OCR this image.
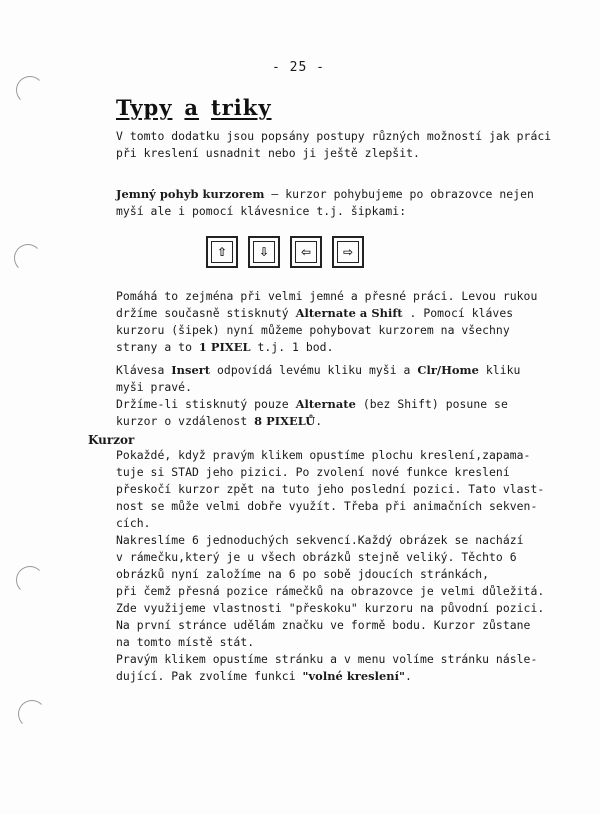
- 25 -
Typy a triky
V tomto dodatku jsou popsány postupy různých možností jak práci
při kreslení usnadnit nebo ji ještě zlepšit.
Jemný pohyb kurzorem — kurzor pohybujeme po obrazovce nejen
myší ale i pomocí klávesnice t.j. šipkami:
⇧	⇩	⇦	⇨
Pomáhá to zejména při velmi jemné a přesné práci. Levou rukou
držíme současně stisknutý Alternate a Shift . Pomocí kláves
kurzoru (šipek) nyní můžeme pohybovat kurzorem na všechny
strany a to 1 PIXEL t.j. 1 bod.
Klávesa Insert odpovídá levému kliku myši a Clr/Home kliku
myši pravé.
Držíme-li stisknutý pouze Alternate (bez Shift) posune se
kurzor o vzdálenost 8 PIXELŮ.
Kurzor
Pokaždé, když pravým klikem opustíme plochu kreslení,zapama-
tuje si STAD jeho pizici. Po zvolení nové funkce kreslení
přeskočí kurzor zpět na tuto jeho poslední pozici. Tato vlast-
nost se může velmi dobře využít. Třeba při animačních sekven-
cích.
Nakreslíme 6 jednoduchých sekvencí.Každý obrázek se nachází
v rámečku,který je u všech obrázků stejně veliký. Těchto 6
obrázků nyní založíme na 6 po sobě jdoucích stránkách,
při čemž přesná pozice rámečků na obrazovce je velmi důležitá.
Zde využijeme vlastnosti "přeskoku" kurzoru na původní pozici.
Na první stránce udělám značku ve formě bodu. Kurzor zůstane
na tomto místě stát.
Pravým klikem opustíme stránku a v menu volíme stránku násle-
dující. Pak zvolíme funkci "volné kreslení".
